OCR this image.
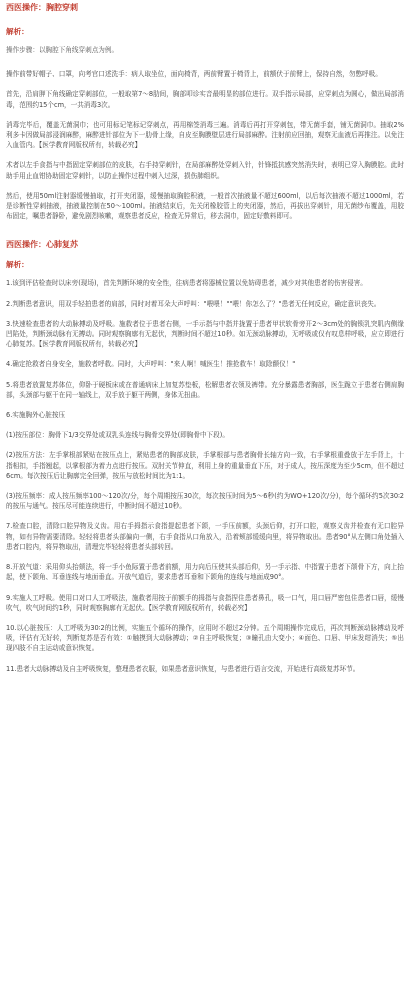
西医操作：胸腔穿刺
解析：

操作步骤：以胸腔下角线穿刺点为例。

操作前带好帽子、口罩，向考官口述洗手：病人取坐位，面向椅背，两前臂置于椅背上，前额伏于前臂上，保持自然，勿憋呼吸。

首先，沿肩胛下角线确定穿刺部位，一般取第7～8肋间，胸部叩诊实音最明显的部位进行。双手指示局部，应穿刺点为圆心，做出局部消毒，范围约15个cm，一共消毒3次。

消毒完毕后，覆盖无菌洞巾；也可用标记笔标记穿刺点，再用棉签消毒三遍。消毒后再打开穿刺包，带无菌手套，铺无菌洞巾。抽取2%利多卡因做局部浸润麻醉，麻醉进针部位为下一肋骨上缘，自皮至胸膜壁层进行局部麻醉。注射前应回抽，观察无血液后再推注。以免注入血管内。【医学教育网版权所有，转载必究】

术者以左手食指与中指固定穿刺部位的皮肤，右手持穿刺针，在局部麻醉处穿刺入针，针锋抵抗感突然消失时，表明已穿入胸膜腔。此时助手用止血钳协助固定穿刺针，以防止操作过程中刺入过深，损伤肺组织。

然后，使用50ml注射器缓慢抽取，打开夹闭器，缓慢抽取胸腔积液，一般首次抽液量不超过600ml，以后每次抽液不超过1000ml，若是诊断性穿刺抽液，抽液量控制在50～100ml。抽液结束后，先关闭橡胶管上的夹闭器，然后，再拔出穿刺针，用无菌纱布覆盖，用胶布固定，嘱患者静卧，避免剧烈咳嗽，观察患者反应，检查无异常后，移去洞巾，固定好敷料即可。

西医操作：心肺复苏
解析：

1.该到评估检查时以床旁(现场)，首先判断环境的安全性，往病患者将器械位置以免妨碍患者，减少对其他患者的伤害侵害。

2.判断患者意识，用双手轻拍患者的肩部，同时对着耳朵大声呼叫："喂喂！""喂！你怎么了？"患者无任何反应，确定意识丧失。

3.快速检查患者的大动脉搏动及呼吸。施救者位于患者右侧，一手示指与中指并拢置于患者甲状软骨旁开2～3cm处的胸锁乳突肌内侧缘凹陷处，判断颈动脉有无搏动。同时观察胸廓有无起伏，判断时间不超过10秒。如无颈动脉搏动，无呼吸或仅有叹息样呼吸，应立即进行心肺复苏。【医学教育网版权所有，转载必究】

4.确定抢救者自身安全，施救者呼救。同时，大声呼叫："来人啊！喊医生！推抢救车！取除颤仪！"

5.将患者放置复苏体位，仰卧于硬板床或在普通病床上加复苏垫板，松解患者衣领及裤带。充分暴露患者胸部，医生跪立于患者右侧肩胸部，头颈部与躯干在同一轴线上，双手放于躯干两侧，身体无扭曲。

6.实施胸外心脏按压

(1)按压部位：胸骨下1/3交界处或双乳头连线与胸骨交界处(即胸骨中下段)。

(2)按压方法：左手掌根部紧贴在按压点上，紧贴患者的胸部皮肤，手掌根部与患者胸骨长轴方向一致，右手掌根重叠放于左手背上，十指相扣，手指翘起，以掌根部为着力点进行按压。双肘关节伸直，利用上身的重量垂直下压，对于成人，按压深度为至少5cm，但不超过6cm。每次按压后让胸廓完全回弹，按压与放松时间比为1:1。

(3)按压频率：成人按压频率100～120次/分，每个周期按压30次，每次按压时间为5～6秒(约为WO+120次/分)，每个循环约5次30∶2的按压与通气。按压尽可能连续进行，中断时间不超过10秒。

7.检查口腔，清除口腔异物及义齿。用右手拇指示食指提起患者下颌，一手压前额，头颈后仰，打开口腔，观察义齿并检查有无口腔异物，如有异物需要清除。轻轻将患者头部偏向一侧，右手食指从口角放入，沿着颊部缓缓向里，将异物取出。患者90°从左侧口角处插入患者口腔内，将异物取出，清理完毕轻轻将患者头部转回。

8.开放气道：采用仰头抬颏法，将一手小鱼际置于患者前额，用力向后压使其头部后仰，另一手示指、中指置于患者下颌骨下方，向上抬起，使下颌角、耳垂连线与地面垂直。开放气道后，要求患者耳垂和下颌角的连线与地面成90°。

9.实施人工呼吸。使用口对口人工呼吸法，施救者用按于前额手的拇指与食指捏住患者鼻孔，吸一口气，用口唇严密包住患者口唇，缓慢吹气，吹气时间约1秒，同时观察胸廓有无起伏。【医学教育网版权所有，转载必究】

10.以心脏按压：人工呼吸为30∶2的比例，实施五个循环的操作，应用时不超过2分钟。五个周期操作完成后，再次判断颈动脉搏动及呼吸，评估有无好转，判断复苏是否有效：①触摸到大动脉搏动；②自主呼吸恢复；③瞳孔由大变小；④面色、口唇、甲床发绀消失；⑤出现四肢不自主运动或意识恢复。

11.患者大动脉搏动及自主呼吸恢复，整理患者衣服，如果患者意识恢复，与患者进行语言交流，开始进行高级复苏环节。
